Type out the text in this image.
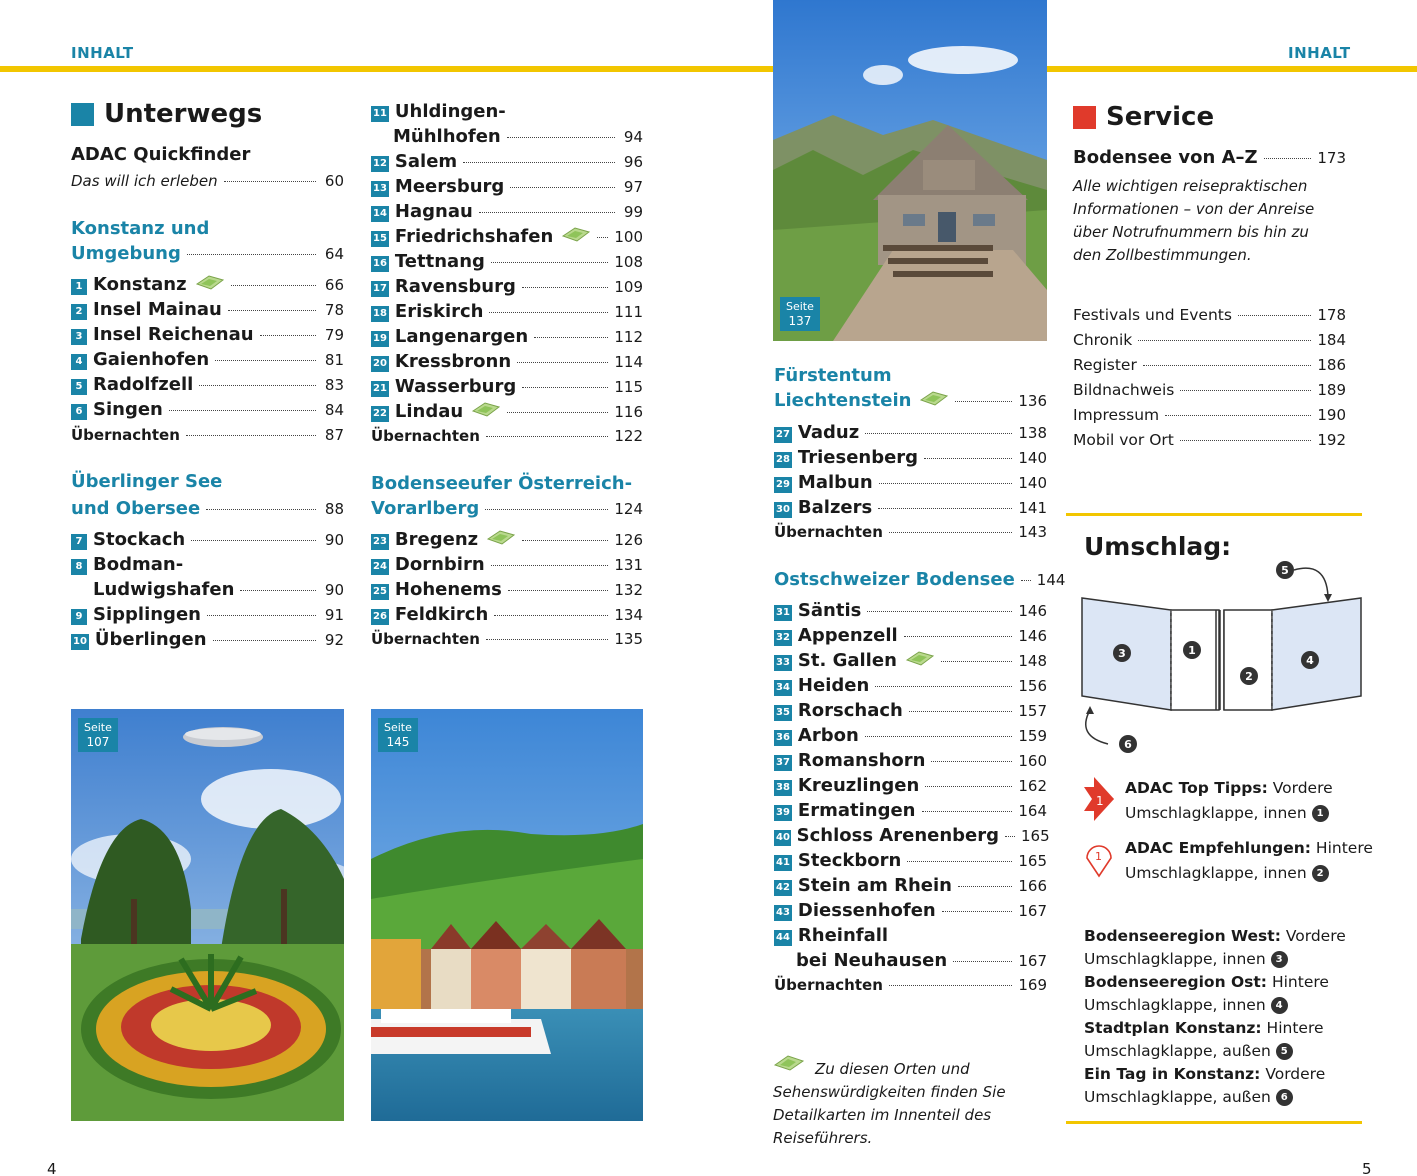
INHALT	INHALT
Unterwegs
ADAC Quickfinder
Das will ich erleben	60
Konstanz und
Umgebung	64
1 Konstanz	66
2 Insel Mainau	78
3 Insel Reichenau	79
4 Gaienhofen	81
5 Radolfzell	83
6 Singen	84
Übernachten	87
Überlinger See
und Obersee	88
7 Stockach	90
8 Bodman-
Ludwigshafen	90
9 Sipplingen	91
10 Überlingen	92
11 Uhldingen-
Mühlhofen	94
12 Salem	96
13 Meersburg	97
14 Hagnau	99
15 Friedrichshafen	100
16 Tettnang	108
17 Ravensburg	109
18 Eriskirch	111
19 Langenargen	112
20 Kressbronn	114
21 Wasserburg	115
22 Lindau	116
Übernachten	122
Bodenseeufer Österreich-
Vorarlberg	124
23 Bregenz	126
24 Dornbirn	131
25 Hohenems	132
26 Feldkirch	134
Übernachten	135
Seite
107
Seite
145
Seite
137
Fürstentum
Liechtenstein	136
27 Vaduz	138
28 Triesenberg	140
29 Malbun	140
30 Balzers	141
Übernachten	143
Ostschweizer Bodensee 144
31 Säntis	146
32 Appenzell	146
33 St. Gallen	148
34 Heiden	156
35 Rorschach	157
36 Arbon	159
37 Romanshorn	160
38 Kreuzlingen	162
39 Ermatingen	164
40 Schloss Arenenberg 165
41 Steckborn	165
42 Stein am Rhein	166
43 Diessenhofen	167
44 Rheinfall
bei Neuhausen	167
Übernachten	169
Zu diesen Orten und Sehenswürdigkeiten finden Sie Detailkarten im Innenteil des Reiseführers.
Service
Bodensee von A–Z	173
Alle wichtigen reisepraktischen Informationen – von der Anreise über Notrufnummern bis hin zu den Zollbestimmungen.
Festivals und Events	178
Chronik	184
Register	186
Bildnachweis	189
Impressum	190
Mobil vor Ort	192
Umschlag:
3	1
2
4
5
6
1
ADAC Top Tipps: Vordere
Umschlagklappe, innen 1
1 ADAC Empfehlungen: Hintere
Umschlagklappe, innen 2
Bodenseeregion West: Vordere
Umschlagklappe, innen 3
Bodenseeregion Ost: Hintere
Umschlagklappe, innen 4
Stadtplan Konstanz: Hintere
Umschlagklappe, außen 5
Ein Tag in Konstanz: Vordere
Umschlagklappe, außen 6
4	5
